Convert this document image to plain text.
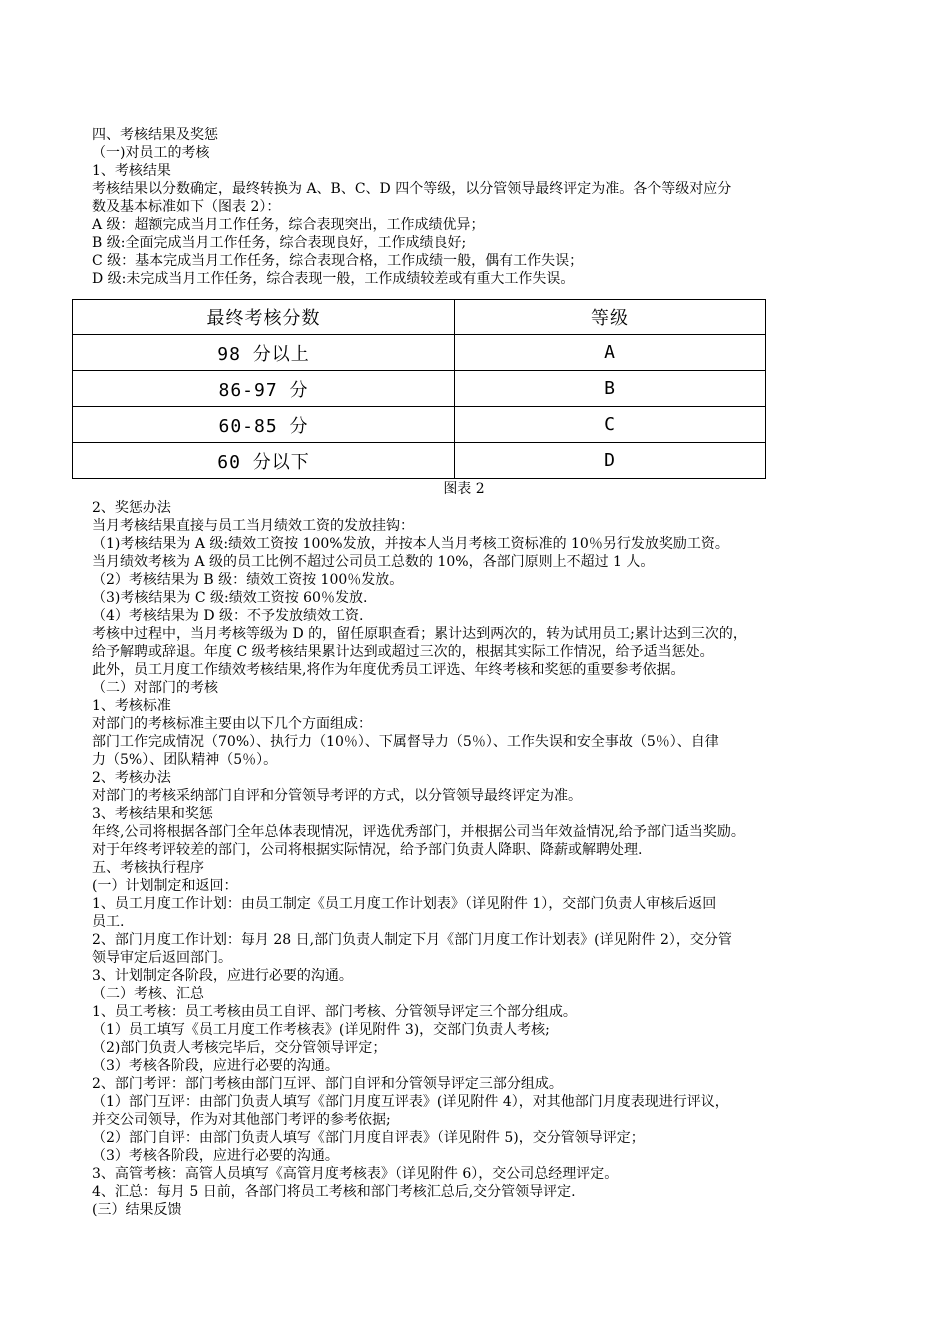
四、考核结果及奖惩

（一)对员工的考核

1、考核结果

考核结果以分数确定，最终转换为 A、B、C、D 四个等级，以分管领导最终评定为准。各个等级对应分

数及基本标准如下（图表 2）：

A 级：超额完成当月工作任务，综合表现突出，工作成绩优异；

B 级:全面完成当月工作任务，综合表现良好，工作成绩良好;

C 级：基本完成当月工作任务，综合表现合格，工作成绩一般，偶有工作失误；

D 级:未完成当月工作任务，综合表现一般，工作成绩较差或有重大工作失误。

最终考核分数	等级
98 分以上	A
86-97 分	B
60-85 分	C
60 分以下	D
图表 2

2、奖惩办法

当月考核结果直接与员工当月绩效工资的发放挂钩：

（1)考核结果为 A 级:绩效工资按 100%发放，并按本人当月考核工资标准的 10％另行发放奖励工资。

当月绩效考核为 A 级的员工比例不超过公司员工总数的 10%，各部门原则上不超过 1 人。

（2）考核结果为 B 级：绩效工资按 100％发放。

（3)考核结果为 C 级:绩效工资按 60％发放.

（4）考核结果为 D 级：不予发放绩效工资.

考核中过程中，当月考核等级为 D 的，留任原职查看；累计达到两次的，转为试用员工;累计达到三次的，

给予解聘或辞退。年度 C 级考核结果累计达到或超过三次的，根据其实际工作情况，给予适当惩处。

此外，员工月度工作绩效考核结果,将作为年度优秀员工评选、年终考核和奖惩的重要参考依据。

（二）对部门的考核

1、考核标准

对部门的考核标准主要由以下几个方面组成：

部门工作完成情况（70%）、执行力（10％）、下属督导力（5％）、工作失误和安全事故（5％）、自律

力（5%）、团队精神（5％）。

2、考核办法

对部门的考核采纳部门自评和分管领导考评的方式，以分管领导最终评定为准。

3、考核结果和奖惩

年终,公司将根据各部门全年总体表现情况，评选优秀部门，并根据公司当年效益情况,给予部门适当奖励。

对于年终考评较差的部门，公司将根据实际情况，给予部门负责人降职、降薪或解聘处理.

五、考核执行程序

(一）计划制定和返回：

1、员工月度工作计划：由员工制定《员工月度工作计划表》（详见附件 1），交部门负责人审核后返回

员工.

2、部门月度工作计划：每月 28 日,部门负责人制定下月《部门月度工作计划表》(详见附件 2），交分管

领导审定后返回部门。

3、计划制定各阶段，应进行必要的沟通。

（二）考核、汇总

1、员工考核：员工考核由员工自评、部门考核、分管领导评定三个部分组成。

（1）员工填写《员工月度工作考核表》(详见附件 3)，交部门负责人考核;

（2)部门负责人考核完毕后，交分管领导评定；

（3）考核各阶段，应进行必要的沟通。

2、部门考评：部门考核由部门互评、部门自评和分管领导评定三部分组成。

（1）部门互评：由部门负责人填写《部门月度互评表》(详见附件 4），对其他部门月度表现进行评议，

并交公司领导，作为对其他部门考评的参考依据;

（2）部门自评：由部门负责人填写《部门月度自评表》（详见附件 5)，交分管领导评定；

（3）考核各阶段，应进行必要的沟通。

3、高管考核：高管人员填写《高管月度考核表》（详见附件 6），交公司总经理评定。

4、汇总：每月 5 日前，各部门将员工考核和部门考核汇总后,交分管领导评定.

(三）结果反馈
